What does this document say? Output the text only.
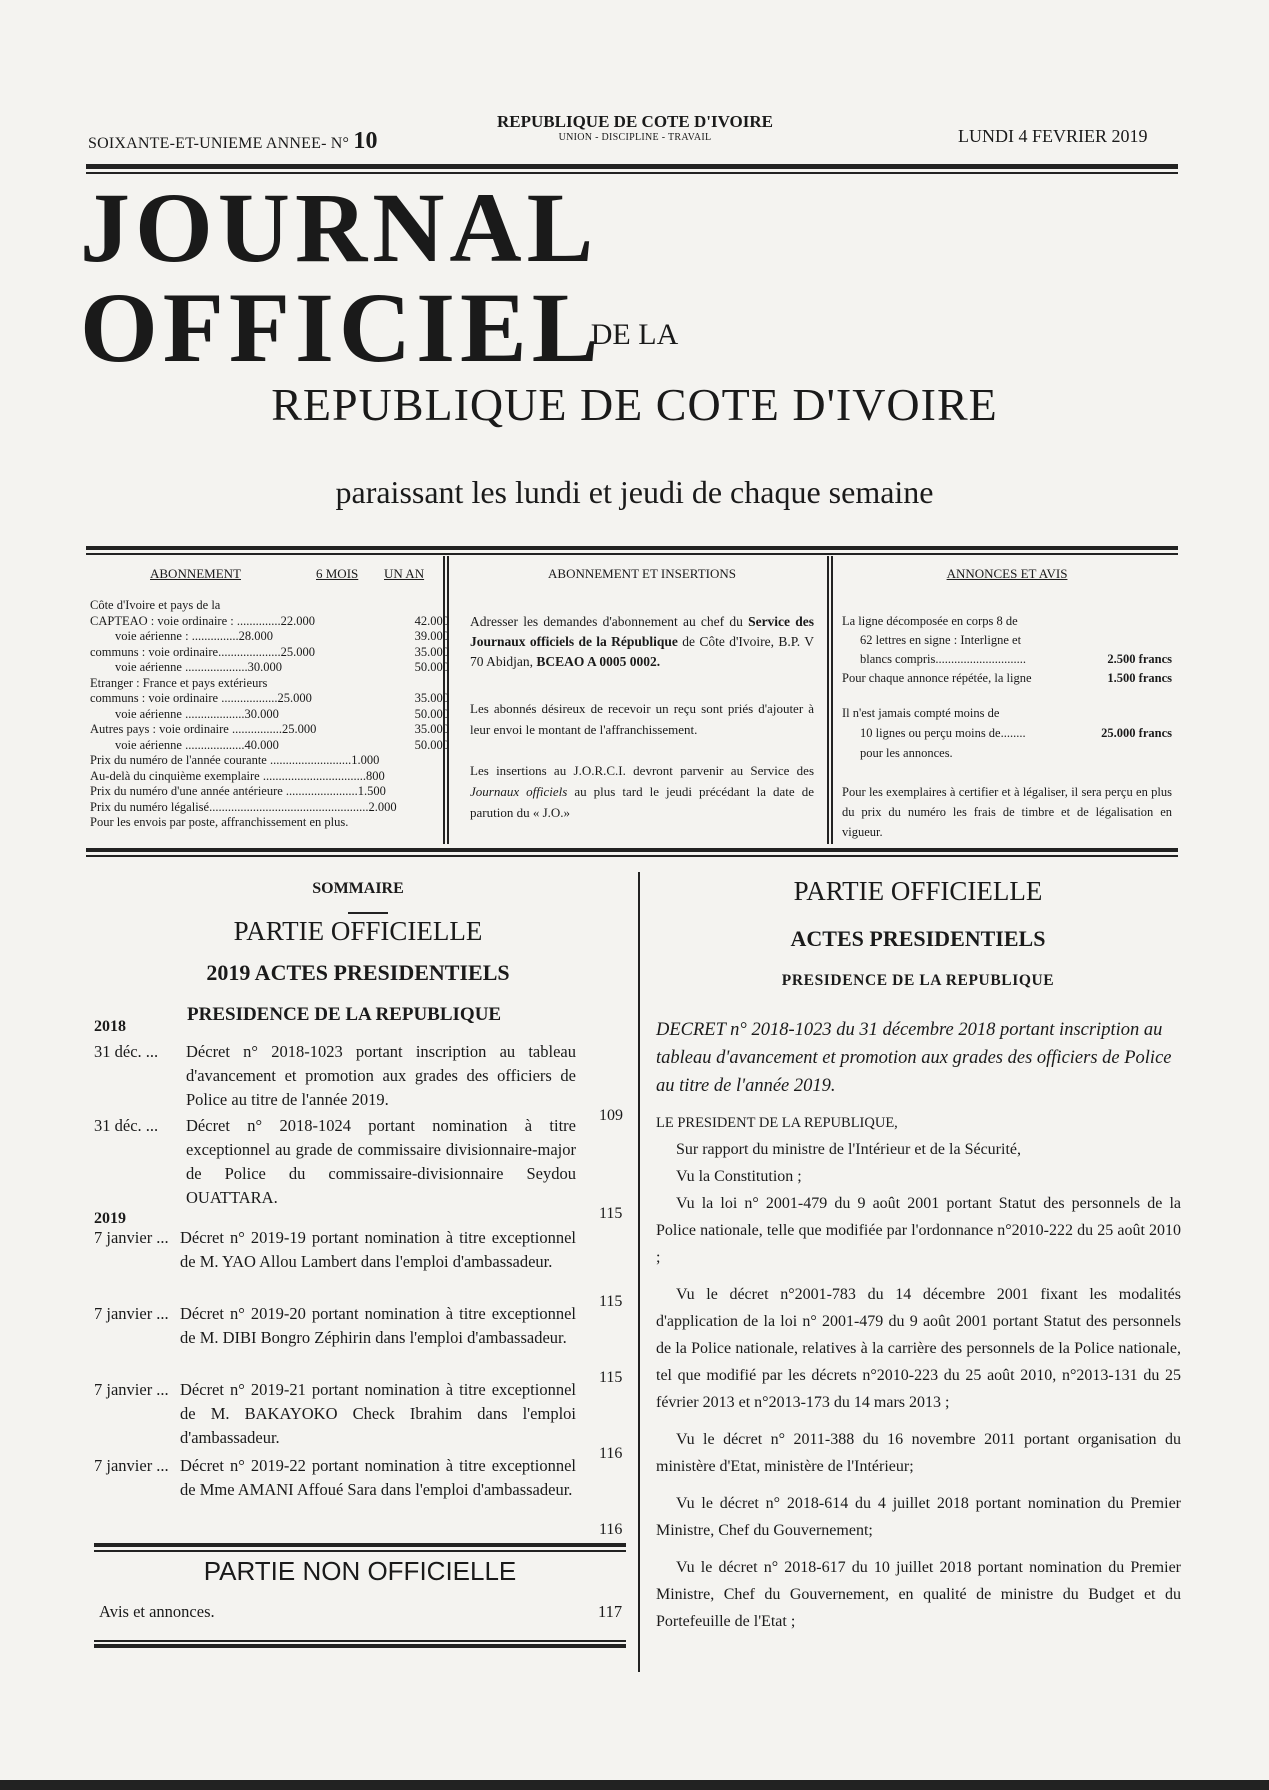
SOIXANTE-ET-UNIEME ANNEE- N° 10
REPUBLIQUE DE COTE D'IVOIRE
UNION - DISCIPLINE - TRAVAIL	LUNDI 4 FEVRIER 2019
JOURNAL OFFICIEL
DE LA
REPUBLIQUE DE COTE D'IVOIRE
paraissant les lundi et jeudi de chaque semaine
ABONNEMENT	6 MOIS UN AN
Côte d'Ivoire et pays de la	
CAPTEAO : voie ordinaire : ..............22.000	42.000
voie aérienne : ...............28.000	39.000
communs : voie ordinaire....................25.000	35.000
voie aérienne ....................30.000	50.000
Etranger : France et pays extérieurs	
communs : voie ordinaire ..................25.000	35.000
voie aérienne ...................30.000	50.000
Autres pays : voie ordinaire ................25.000	35.000
voie aérienne ...................40.000	50.000
Prix du numéro de l'année courante ..........................1.000	
Au-delà du cinquième exemplaire .................................800	
Prix du numéro d'une année antérieure .......................1.500	
Prix du numéro légalisé...................................................2.000	
Pour les envois par poste, affranchissement en plus.	
ABONNEMENT ET INSERTIONS
Adresser les demandes d'abonnement au chef du Service des Journaux officiels de la République de Côte d'Ivoire, B.P. V 70 Abidjan, BCEAO A 0005 0002.
Les abonnés désireux de recevoir un reçu sont priés d'ajouter à leur envoi le montant de l'affranchissement.
Les insertions au J.O.R.C.I. devront parvenir au Service des Journaux officiels au plus tard le jeudi précédant la date de parution du « J.O.»
ANNONCES ET AVIS
La ligne décomposée en corps 8 de
62 lettres en signe : Interligne et
blancs compris.............................	2.500 francs
Pour chaque annonce répétée, la ligne	1.500 francs
Il n'est jamais compté moins de
10 lignes ou perçu moins de........	25.000 francs
pour les annonces.
Pour les exemplaires à certifier et à légaliser, il sera perçu en plus du prix du numéro les frais de timbre et de légalisation en vigueur.
SOMMAIRE
PARTIE OFFICIELLE
2019 ACTES PRESIDENTIELS
PRESIDENCE DE LA REPUBLIQUE
2018
2019
31 déc. ... Décret n° 2018-1023 portant inscription au tableau d'avancement et promotion aux grades des officiers de Police au titre de l'année 2019.
109
31 déc. ... Décret n° 2018-1024 portant nomination à titre exceptionnel au grade de commissaire divisionnaire-major de Police du commissaire-divisionnaire Seydou OUATTARA.
115
7 janvier ... Décret n° 2019-19 portant nomination à titre exceptionnel de M. YAO Allou Lambert dans l'emploi d'ambassadeur.
115
7 janvier ... Décret n° 2019-20 portant nomination à titre exceptionnel de M. DIBI Bongro Zéphirin dans l'emploi d'ambassadeur.
115
7 janvier ... Décret n° 2019-21 portant nomination à titre exceptionnel de M. BAKAYOKO Check Ibrahim dans l'emploi d'ambassadeur.
116
7 janvier ... Décret n° 2019-22 portant nomination à titre exceptionnel de Mme AMANI Affoué Sara dans l'emploi d'ambassadeur.
116
PARTIE NON OFFICIELLE
Avis et annonces.	117
PARTIE OFFICIELLE
ACTES PRESIDENTIELS
PRESIDENCE DE LA REPUBLIQUE
DECRET n° 2018-1023 du 31 décembre 2018 portant inscription au tableau d'avancement et promotion aux grades des officiers de Police au titre de l'année 2019.
LE PRESIDENT DE LA REPUBLIQUE,
Sur rapport du ministre de l'Intérieur et de la Sécurité,
Vu la Constitution ;
Vu la loi n° 2001-479 du 9 août 2001 portant Statut des personnels de la Police nationale, telle que modifiée par l'ordonnance n°2010-222 du 25 août 2010 ;
Vu le décret n°2001-783 du 14 décembre 2001 fixant les modalités d'application de la loi n° 2001-479 du 9 août 2001 portant Statut des personnels de la Police nationale, relatives à la carrière des personnels de la Police nationale, tel que modifié par les décrets n°2010-223 du 25 août 2010, n°2013-131 du 25 février 2013 et n°2013-173 du 14 mars 2013 ;
Vu le décret n° 2011-388 du 16 novembre 2011 portant organisation du ministère d'Etat, ministère de l'Intérieur;
Vu le décret n° 2018-614 du 4 juillet 2018 portant nomination du Premier Ministre, Chef du Gouvernement;
Vu le décret n° 2018-617 du 10 juillet 2018 portant nomination du Premier Ministre, Chef du Gouvernement, en qualité de ministre du Budget et du Portefeuille de l'Etat ;
